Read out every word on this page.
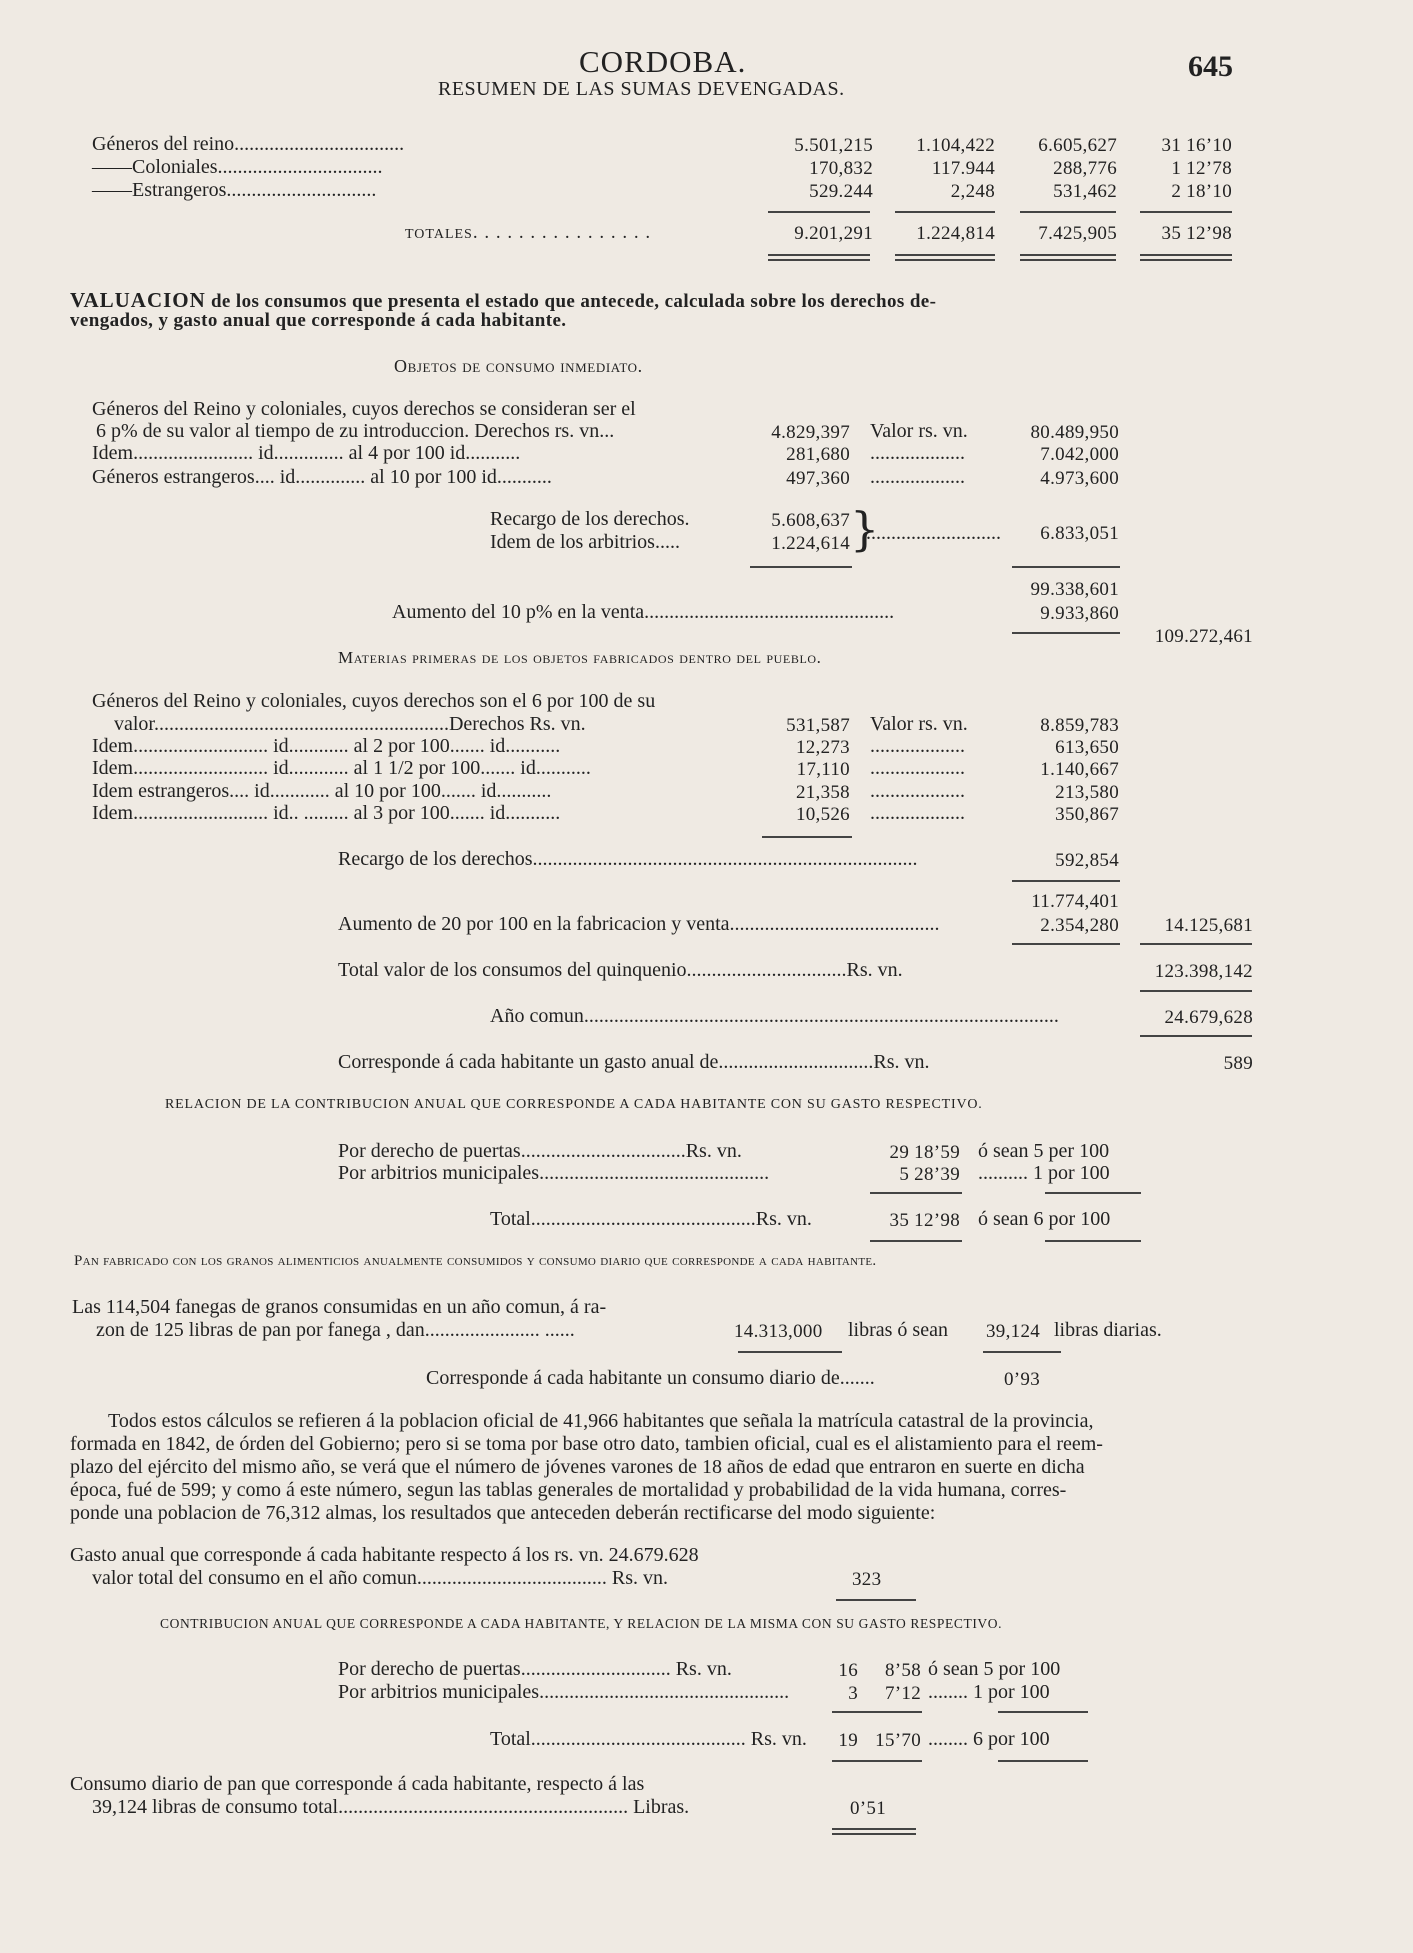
CORDOBA.	645
RESUMEN DE LAS SUMAS DEVENGADAS.
Géneros del reino..................................	5.501,215 1.104,422 6.605,627 31 16’10
——Coloniales.................................	170,832	117.944	288,776	1 12’78
——Estrangeros..............................	529.244	2,248	531,462	2 18’10
TOTALES. . . . . . . . . . . . . . . .	9.201,291 1.224,814 7.425,905 35 12’98
VALUACION de los consumos que presenta el estado que antecede, calculada sobre los derechos de-
vengados, y gasto anual que corresponde á cada habitante.
Objetos de consumo inmediato.
Géneros del Reino y coloniales, cuyos derechos se consideran ser el
6 p% de su valor al tiempo de zu introduccion. Derechos rs. vn...	4.829,397 Valor rs. vn.	80.489,950
Idem........................ id.............. al 4 por 100 id...........	281,680 ...................	7.042,000
Géneros estrangeros.... id.............. al 10 por 100 id...........	497,360 ...................	4.973,600
Recargo de los derechos.	5.608,637
Idem de los arbitrios.....	1.224,614 }
........................... 6.833,051
99.338,601
Aumento del 10 p% en la venta..................................................	9.933,860
109.272,461
Materias primeras de los objetos fabricados dentro del pueblo.
Géneros del Reino y coloniales, cuyos derechos son el 6 por 100 de su
valor...........................................................Derechos Rs. vn.	531,587 Valor rs. vn.	8.859,783
Idem........................... id............ al 2 por 100....... id...........	12,273 ...................	613,650
Idem........................... id............ al 1 1/2 por 100....... id...........	17,110 ...................	1.140,667
Idem estrangeros.... id............ al 10 por 100....... id...........	21,358 ...................	213,580
Idem........................... id.. ......... al 3 por 100....... id...........	10,526 ...................	350,867
Recargo de los derechos.............................................................................	592,854
11.774,401
Aumento de 20 por 100 en la fabricacion y venta..........................................	2.354,280 14.125,681
Total valor de los consumos del quinquenio................................Rs. vn.	123.398,142
Año comun...............................................................................................	24.679,628
Corresponde á cada habitante un gasto anual de...............................Rs. vn.	589
RELACION DE LA CONTRIBUCION ANUAL QUE CORRESPONDE A CADA HABITANTE CON SU GASTO RESPECTIVO.
Por derecho de puertas.................................Rs. vn.	29 18’59 ó sean 5 per 100
Por arbitrios municipales..............................................	5 28’39 .......... 1 por 100
Total.............................................Rs. vn.	35 12’98 ó sean 6 por 100
Pan fabricado con los granos alimenticios anualmente consumidos y consumo diario que corresponde a cada habitante.
Las 114,504 fanegas de granos consumidas en un año comun, á ra-
zon de 125 libras de pan por fanega , dan....................... ......	14.313,000 libras ó sean 39,124 libras diarias.
Corresponde á cada habitante un consumo diario de.......	0’93
Todos estos cálculos se refieren á la poblacion oficial de 41,966 habitantes que señala la matrícula catastral de la provincia,
formada en 1842, de órden del Gobierno; pero si se toma por base otro dato, tambien oficial, cual es el alistamiento para el reem-
plazo del ejército del mismo año, se verá que el número de jóvenes varones de 18 años de edad que entraron en suerte en dicha
época, fué de 599; y como á este número, segun las tablas generales de mortalidad y probabilidad de la vida humana, corres-
ponde una poblacion de 76,312 almas, los resultados que anteceden deberán rectificarse del modo siguiente:
Gasto anual que corresponde á cada habitante respecto á los rs. vn. 24.679.628
valor total del consumo en el año comun...................................... Rs. vn.	323
CONTRIBUCION ANUAL QUE CORRESPONDE A CADA HABITANTE, Y RELACION DE LA MISMA CON SU GASTO RESPECTIVO.
Por derecho de puertas.............................. Rs. vn.	16 8’58 ó sean 5 por 100
Por arbitrios municipales..................................................	3 7’12 ........ 1 por 100
Total........................................... Rs. vn. 19 15’70 ........ 6 por 100
Consumo diario de pan que corresponde á cada habitante, respecto á las
39,124 libras de consumo total.......................................................... Libras.	0’51
